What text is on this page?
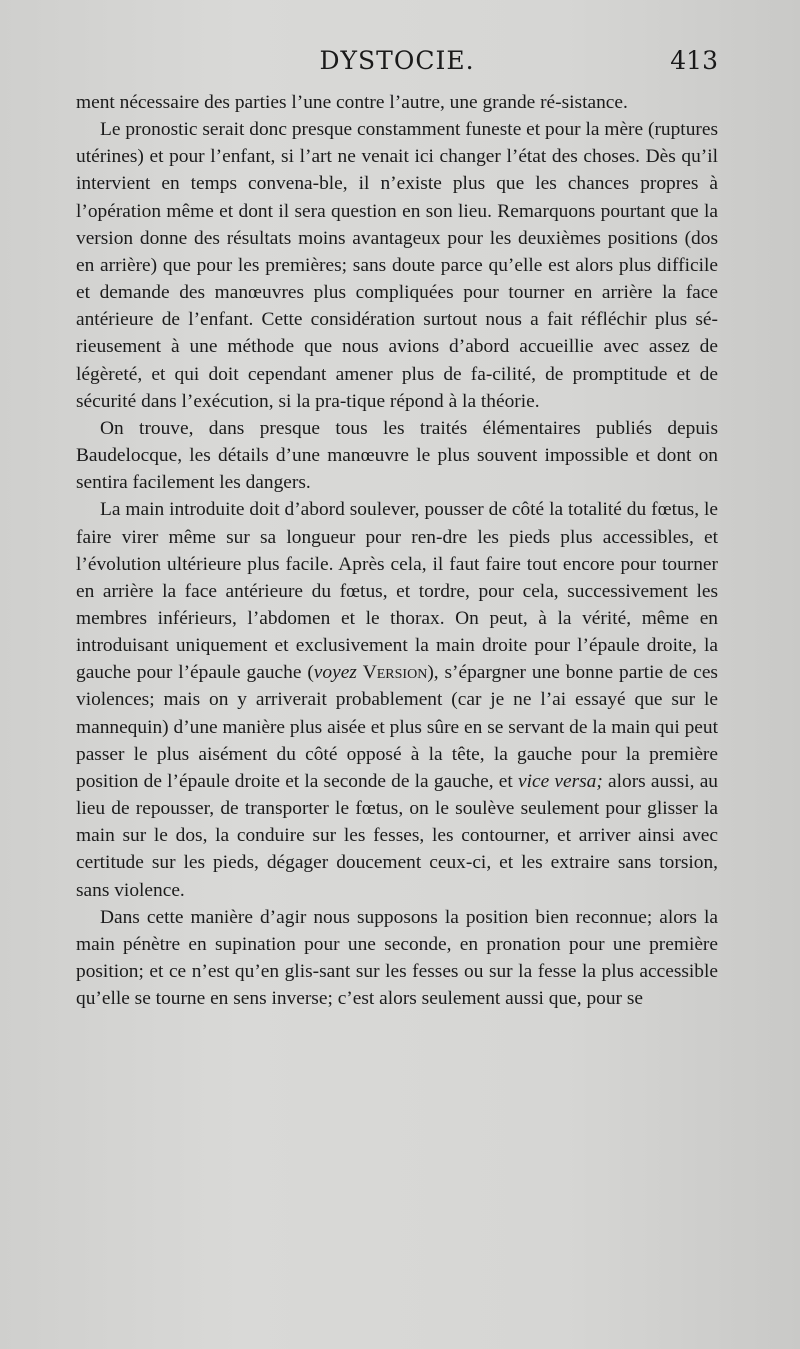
DYSTOCIE.	413

ment nécessaire des parties l’une contre l’autre, une grande ré-sistance.

Le pronostic serait donc presque constamment funeste et pour la mère (ruptures utérines) et pour l’enfant, si l’art ne venait ici changer l’état des choses. Dès qu’il intervient en temps convena-ble, il n’existe plus que les chances propres à l’opération même et dont il sera question en son lieu. Remarquons pourtant que la version donne des résultats moins avantageux pour les deuxièmes positions (dos en arrière) que pour les premières; sans doute parce qu’elle est alors plus difficile et demande des manœuvres plus compliquées pour tourner en arrière la face antérieure de l’enfant. Cette considération surtout nous a fait réfléchir plus sé-rieusement à une méthode que nous avions d’abord accueillie avec assez de légèreté, et qui doit cependant amener plus de fa-cilité, de promptitude et de sécurité dans l’exécution, si la pra-tique répond à la théorie.

On trouve, dans presque tous les traités élémentaires publiés depuis Baudelocque, les détails d’une manœuvre le plus souvent impossible et dont on sentira facilement les dangers.

La main introduite doit d’abord soulever, pousser de côté la totalité du fœtus, le faire virer même sur sa longueur pour ren-dre les pieds plus accessibles, et l’évolution ultérieure plus facile. Après cela, il faut faire tout encore pour tourner en arrière la face antérieure du fœtus, et tordre, pour cela, successivement les membres inférieurs, l’abdomen et le thorax. On peut, à la vérité, même en introduisant uniquement et exclusivement la main droite pour l’épaule droite, la gauche pour l’épaule gauche (voyez Version), s’épargner une bonne partie de ces violences; mais on y arriverait probablement (car je ne l’ai essayé que sur le mannequin) d’une manière plus aisée et plus sûre en se servant de la main qui peut passer le plus aisément du côté opposé à la tête, la gauche pour la première position de l’épaule droite et la seconde de la gauche, et vice versa; alors aussi, au lieu de repousser, de transporter le fœtus, on le soulève seulement pour glisser la main sur le dos, la conduire sur les fesses, les contourner, et arriver ainsi avec certitude sur les pieds, dégager doucement ceux-ci, et les extraire sans torsion, sans violence.

Dans cette manière d’agir nous supposons la position bien reconnue; alors la main pénètre en supination pour une seconde, en pronation pour une première position; et ce n’est qu’en glis-sant sur les fesses ou sur la fesse la plus accessible qu’elle se tourne en sens inverse; c’est alors seulement aussi que, pour se
